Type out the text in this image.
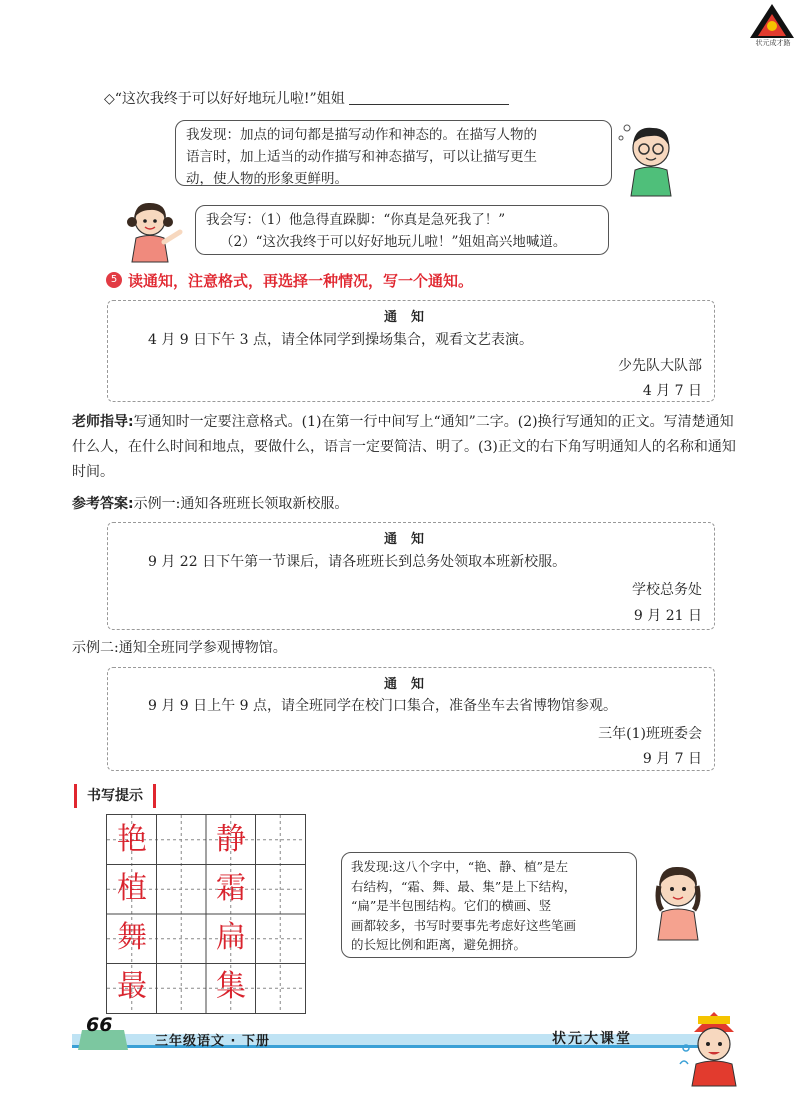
状元成才路
◇“这次我终于可以好好地玩儿啦!”姐姐
我发现：加点的词句都是描写动作和神态的。在描写人物的
语言时，加上适当的动作描写和神态描写，可以让描写更生
动，使人物的形象更鲜明。
我会写：（1）他急得直跺脚：“你真是急死我了！”
（2）“这次我终于可以好好地玩儿啦！”姐姐高兴地喊道。
5 读通知，注意格式，再选择一种情况，写一个通知。
通知
4 月 9 日下午 3 点，请全体同学到操场集合，观看文艺表演。
少先队大队部
4 月 7 日
老师指导:写通知时一定要注意格式。(1)在第一行中间写上“通知”二字。(2)换行写通知的正文。写清楚通知什么人，在什么时间和地点，要做什么，语言一定要简洁、明了。(3)正文的右下角写明通知人的名称和通知时间。
参考答案:示例一:通知各班班长领取新校服。
通知
9 月 22 日下午第一节课后，请各班班长到总务处领取本班新校服。
学校总务处
9 月 21 日
示例二:通知全班同学参观博物馆。
通知
9 月 9 日上午 9 点，请全班同学在校门口集合，准备坐车去省博物馆参观。
三年(1)班班委会
9 月 7 日
书写提示
艳
植
舞
最
静
霜
扁
集
我发现:这八个字中，“艳、静、植”是左
右结构，“霜、舞、最、集”是上下结构，
“扁”是半包围结构。它们的横画、竖
画都较多，书写时要事先考虑好这些笔画
的长短比例和距离，避免拥挤。
66
三年级语文 · 下册	状元大课堂
